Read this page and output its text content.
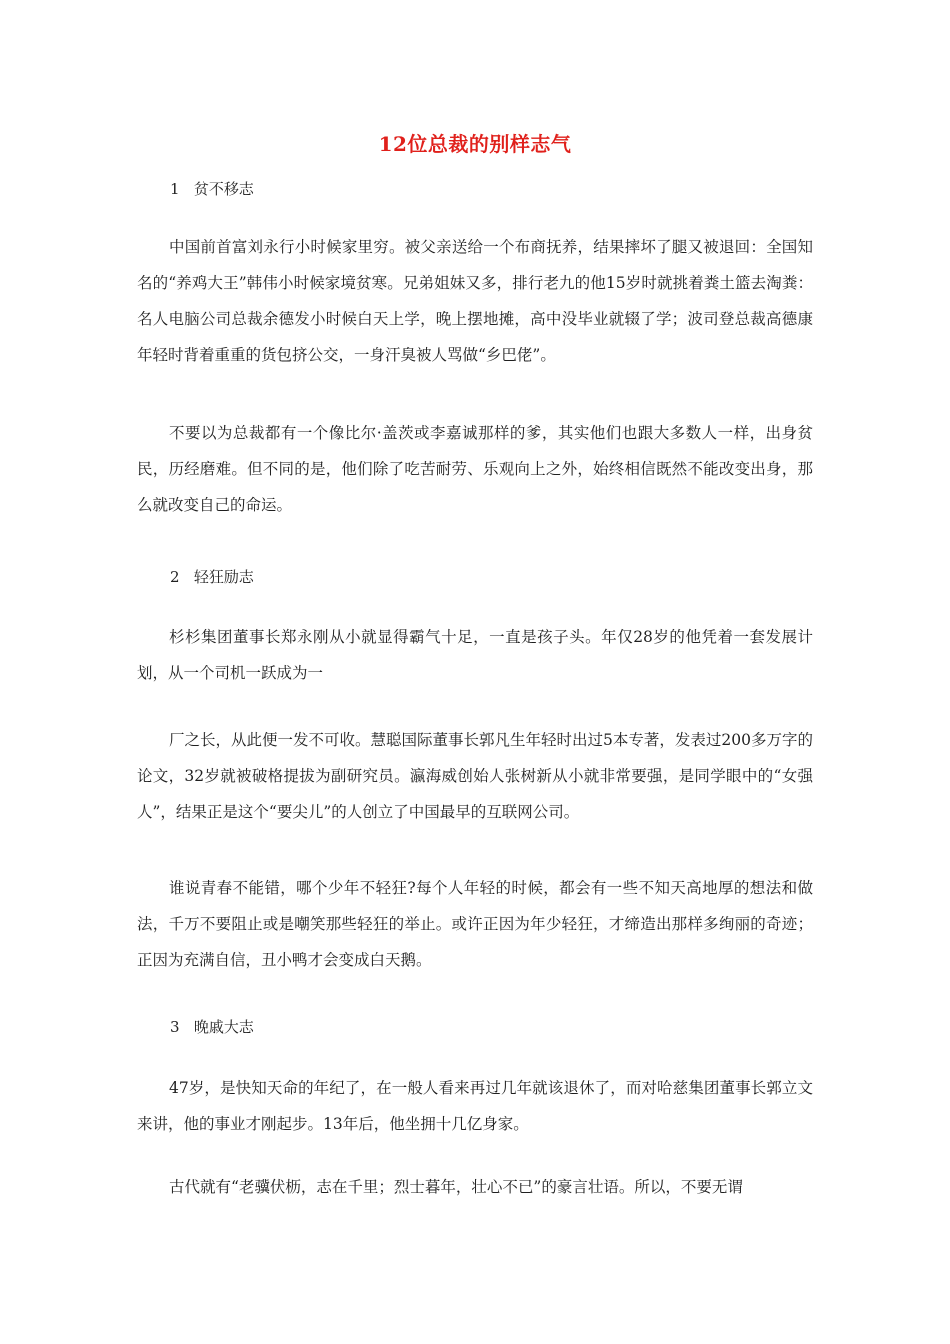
12位总裁的别样志气
1   贫不移志
中国前首富刘永行小时候家里穷。被父亲送给一个布商抚养，结果摔坏了腿又被退回：全国知名的“养鸡大王”韩伟小时候家境贫寒。兄弟姐妹又多，排行老九的他15岁时就挑着粪土篮去淘粪：名人电脑公司总裁余德发小时候白天上学，晚上摆地摊，高中没毕业就辍了学；波司登总裁高德康年轻时背着重重的货包挤公交，一身汗臭被人骂做“乡巴佬”。
不要以为总裁都有一个像比尔·盖茨或李嘉诚那样的爹，其实他们也跟大多数人一样，出身贫民，历经磨难。但不同的是，他们除了吃苦耐劳、乐观向上之外，始终相信既然不能改变出身，那么就改变自己的命运。
2   轻狂励志
杉杉集团董事长郑永刚从小就显得霸气十足，一直是孩子头。年仅28岁的他凭着一套发展计划，从一个司机一跃成为一
厂之长，从此便一发不可收。慧聪国际董事长郭凡生年轻时出过5本专著，发表过200多万字的论文，32岁就被破格提拔为副研究员。瀛海威创始人张树新从小就非常要强，是同学眼中的“女强人”，结果正是这个“要尖儿”的人创立了中国最早的互联网公司。
谁说青春不能错，哪个少年不轻狂?每个人年轻的时候，都会有一些不知天高地厚的想法和做法，千万不要阻止或是嘲笑那些轻狂的举止。或许正因为年少轻狂，才缔造出那样多绚丽的奇迹；正因为充满自信，丑小鸭才会变成白天鹅。
3   晚戚大志
47岁，是快知天命的年纪了，在一般人看来再过几年就该退休了，而对哈慈集团董事长郭立文来讲，他的事业才刚起步。13年后，他坐拥十几亿身家。
古代就有“老骥伏枥，志在千里；烈士暮年，壮心不已”的豪言壮语。所以，不要无谓
